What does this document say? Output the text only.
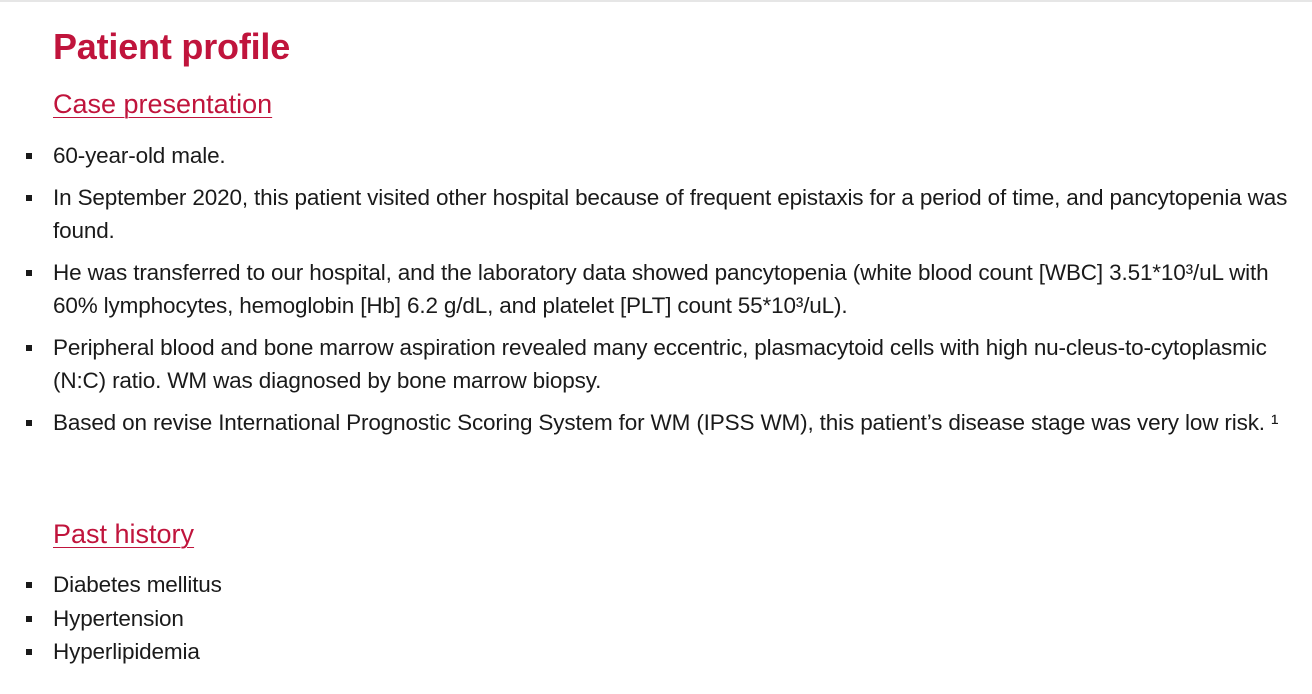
Patient profile
Case presentation
60-year-old male.
In September 2020, this patient visited other hospital because of frequent epistaxis for a period of time, and pancytopenia was found.
He was transferred to our hospital, and the laboratory data showed pancytopenia (white blood count [WBC] 3.51*10³/uL with 60% lymphocytes, hemoglobin [Hb] 6.2 g/dL, and platelet [PLT] count 55*10³/uL).
Peripheral blood and bone marrow aspiration revealed many eccentric, plasmacytoid cells with high nu-cleus-to-cytoplasmic (N:C) ratio. WM was diagnosed by bone marrow biopsy.
Based on revise International Prognostic Scoring System for WM (IPSS WM), this patient’s disease stage was very low risk. ¹
Past history
Diabetes mellitus
Hypertension
Hyperlipidemia
